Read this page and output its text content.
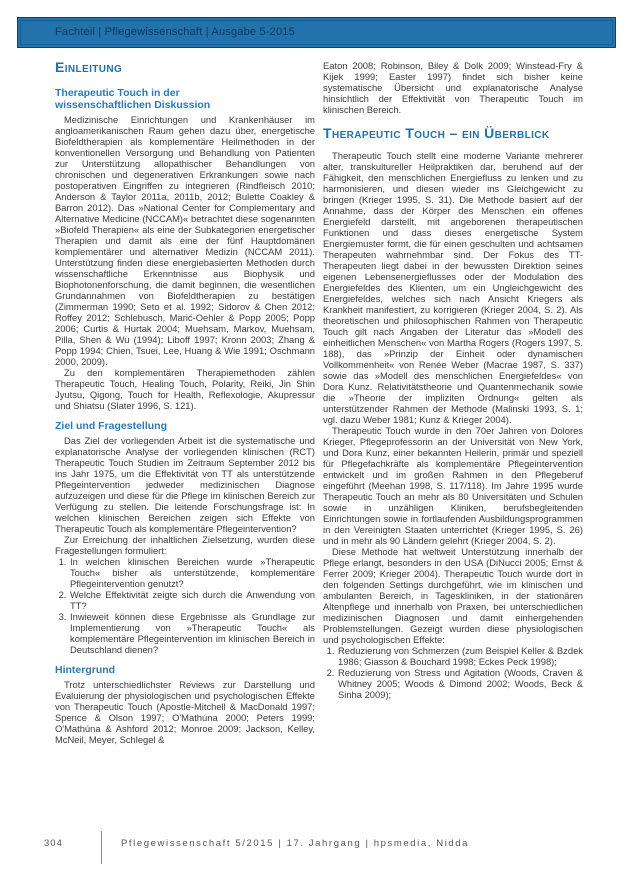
Fachteil | Pflegewissenschaft | Ausgabe 5-2015
Einleitung
Therapeutic Touch in der wissenschaftlichen Diskussion

Medizinische Einrichtungen und Krankenhäuser im angloamerikanischen Raum gehen dazu über, energetische Biofeldtherapien als komplementäre Heilmethoden in der konventionellen Versorgung und Behandlung von Patienten zur Unterstützung allopathischer Behandlungen von chronischen und degenerativen Erkrankungen sowie nach postoperativen Eingriffen zu integrieren (Rindfleisch 2010; Anderson & Taylor 2011a, 2011b, 2012; Bulette Coakley & Barron 2012). Das »National Center for Complementary and Alternative Medicine (NCCAM)« betrachtet diese sogenannten »Biofeld Therapien« als eine der Subkategorien energetischer Therapien und damit als eine der fünf Hauptdomänen komplementärer und alternativer Medizin (NCCAM 2011). Unterstützung finden diese energiebasierten Methoden durch wissenschaftliche Erkenntnisse aus Biophysik und Biophotonenforschung, die damit beginnen, die wesentlichen Grundannahmen von Biofeldtherapien zu bestätigen (Zimmerman 1990; Seto et al. 1992; Sidorov & Chen 2012; Roffey 2012; Schlebusch, Marić-Oehler & Popp 2005; Popp 2006; Curtis & Hurtak 2004; Muehsam, Markov, Muehsam, Pilla, Shen & Wu (1994); Liboff 1997; Kronn 2003; Zhang & Popp 1994; Chien, Tsuei, Lee, Huang & Wie 1991; Oschmann 2000, 2009).

Zu den komplementären Therapiemethoden zählen Therapeutic Touch, Healing Touch, Polarity, Reiki, Jin Shin Jyutsu, Qigong, Touch for Health, Reflexologie, Akupressur und Shiatsu (Slater 1996, S. 121).

Ziel und Fragestellung

Das Ziel der vorliegenden Arbeit ist die systematische und explanatorische Analyse der vorliegenden klinischen (RCT) Therapeutic Touch Studien im Zeitraum September 2012 bis ins Jahr 1975, um die Effektivität von TT als unterstützende Pflegeintervention jedweder medizinischen Diagnose aufzuzeigen und diese für die Pflege im klinischen Bereich zur Verfügung zu stellen. Die leitende Forschungsfrage ist: In welchen klinischen Bereichen zeigen sich Effekte von Therapeutic Touch als komplementäre Pflegeintervention?

Zur Erreichung der inhaltlichen Zielsetzung, wurden diese Fragestellungen formuliert:

1. In welchen klinischen Bereichen wurde »Therapeutic Touch« bisher als unterstützende, komplementäre Pflegeintervention genutzt?
2. Welche Effektivität zeigte sich durch die Anwendung von TT?
3. Inwieweit können diese Ergebnisse als Grundlage zur Implementierung von »Therapeutic Touch« als komplementäre Pflegeintervention im klinischen Bereich in Deutschland dienen?
Hintergrund

Trotz unterschiedlichster Reviews zur Darstellung und Evaluierung der physiologischen und psychologischen Effekte von Therapeutic Touch (Apostle-Mitchell & MacDonald 1997; Spence & Olson 1997; O'Mathúna 2000; Peters 1999; O'Mathúna & Ashford 2012; Monroe 2009; Jackson, Kelley, McNeil, Meyer, Schlegel &

Eaton 2008; Robinson, Biley & Dolk 2009; Winstead-Fry & Kijek 1999; Easter 1997) findet sich bisher keine systematische Übersicht und explanatorische Analyse hinsichtlich der Effektivität von Therapeutic Touch im klinischen Bereich.

Therapeutic Touch – ein Überblick

Therapeutic Touch stellt eine moderne Variante mehrerer alter, transkultureller Heilpraktiken dar, beruhend auf der Fähigkeit, den menschlichen Energiefluss zu lenken und zu harmonisieren, und diesen wieder ins Gleichgewicht zu bringen (Krieger 1995, S. 31). Die Methode basiert auf der Annahme, dass der Körper des Menschen ein offenes Energiefeld darstellt, mit angeborenen therapeutischen Funktionen und dass dieses energetische System Energiemuster formt, die für einen geschulten und achtsamen Therapeuten wahrnehmbar sind. Der Fokus des TT-Therapeuten liegt dabei in der bewussten Direktion seines eigenen Lebensenergieflusses oder der Modulation des Energiefeldes des Klienten, um ein Ungleichgewicht des Energiefeldes, welches sich nach Ansicht Kriegers als Krankheit manifestiert, zu korrigieren (Krieger 2004, S. 2). Als theoretischen und philosophischen Rahmen von Therapeutic Touch gilt nach Angaben der Literatur das »Modell des einheitlichen Menschen« von Martha Rogers (Rogers 1997, S. 188), das »Prinzip der Einheit oder dynamischen Vollkommenheit« von Renée Weber (Macrae 1987, S. 337) sowie das »Modell des menschlichen Energiefeldes« von Dora Kunz. Relativitätstheorie und Quantenmechanik sowie die »Theorie der impliziten Ordnung« gelten als unterstützender Rahmen der Methode (Malinski 1993, S. 1; vgl. dazu Weber 1981; Kunz & Krieger 2004).

Therapeutic Touch wurde in den 70er Jahren von Dolores Krieger, Pflegeprofessorin an der Universität von New York, und Dora Kunz, einer bekannten Heilerin, primär und speziell für Pflegefachkräfte als komplementäre Pflegeintervention entwickelt und im großen Rahmen in den Pflegeberuf eingeführt (Meehan 1998, S. 117/118). Im Jahre 1995 wurde Therapeutic Touch an mehr als 80 Universitäten und Schulen sowie in unzähligen Kliniken, berufsbegleitenden Einrichtungen sowie in fortlaufenden Ausbildungsprogrammen in den Vereinigten Staaten unterrichtet (Krieger 1995, S. 26) und in mehr als 90 Ländern gelehrt (Krieger 2004, S. 2).

Diese Methode hat weltweit Unterstützung innerhalb der Pflege erlangt, besonders in den USA (DiNucci 2005; Ernst & Ferrer 2009; Krieger 2004). Therapeutic Touch wurde dort in den folgenden Settings durchgeführt, wie im klinischen und ambulanten Bereich, in Tageskliniken, in der stationären Altenpflege und innerhalb von Praxen, bei unterschiedlichen medizinischen Diagnosen und damit einhergehenden Problemstellungen. Gezeigt wurden diese physiologischen und psychologischen Effekte:

1. Reduzierung von Schmerzen (zum Beispiel Keller & Bzdek 1986; Giasson & Bouchard 1998; Eckes Peck 1998);
2. Reduzierung von Stress und Agitation (Woods, Craven & Whitney 2005; Woods & Dimond 2002; Woods, Beck & Sinha 2009);
304	Pflegewissenschaft 5/2015 | 17. Jahrgang | hpsmedia, Nidda
